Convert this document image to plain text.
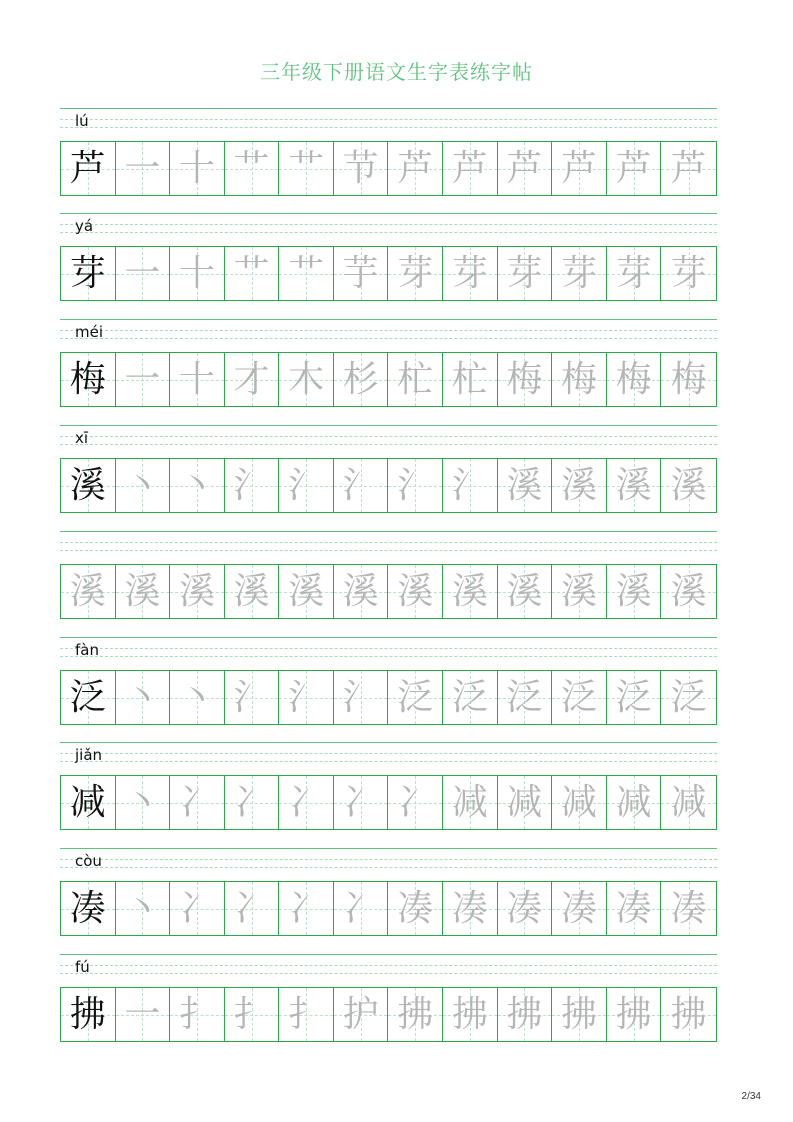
三年级下册语文生字表练字帖
lú
芦 一 十 艹 艹 节 芦 芦 芦 芦 芦 芦
yá
芽 一 十 艹 艹 芋 芽 芽 芽 芽 芽 芽
méi
梅 一 十 才 木 杉 杧 杧 梅 梅 梅 梅
xī
溪 丶 丶 氵 氵 氵 氵 氵 溪 溪 溪 溪
溪 溪 溪 溪 溪 溪 溪 溪 溪 溪 溪 溪
fàn
泛 丶 丶 氵 氵 氵 泛 泛 泛 泛 泛 泛
jiǎn
减 丶 冫 冫 冫 冫 冫 减 减 减 减 减
còu
凑 丶 冫 冫 冫 冫 凑 凑 凑 凑 凑 凑
fú
拂 一 扌 扌 扌 护 拂 拂 拂 拂 拂 拂
2/34
